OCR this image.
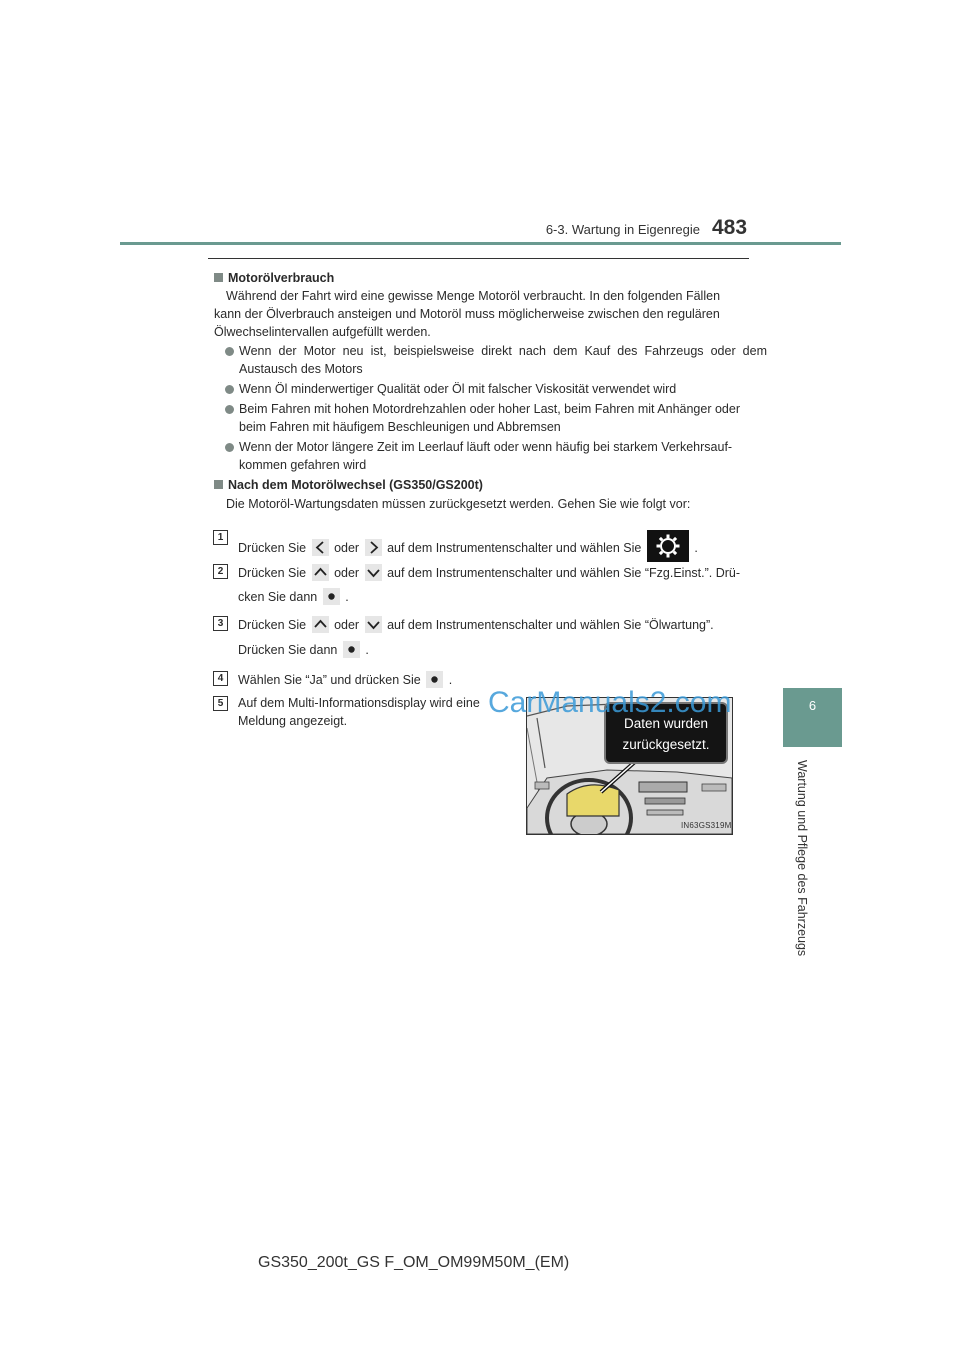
6-3. Wartung in Eigenregie 483
6
Wartung und Pflege des Fahrzeugs
Motorölverbrauch
Während der Fahrt wird eine gewisse Menge Motoröl verbraucht. In den folgenden Fällen
kann der Ölverbrauch ansteigen und Motoröl muss möglicherweise zwischen den regulären
Ölwechselintervallen aufgefüllt werden.
Wenn der Motor neu ist, beispielsweise direkt nach dem Kauf des Fahrzeugs oder dem
Austausch des Motors
Wenn Öl minderwertiger Qualität oder Öl mit falscher Viskosität verwendet wird
Beim Fahren mit hohen Motordrehzahlen oder hoher Last, beim Fahren mit Anhänger oder
beim Fahren mit häufigem Beschleunigen und Abbremsen
Wenn der Motor längere Zeit im Leerlauf läuft oder wenn häufig bei starkem Verkehrsauf-
kommen gefahren wird
Nach dem Motorölwechsel (GS350/GS200t)
Die Motoröl-Wartungsdaten müssen zurückgesetzt werden. Gehen Sie wie folgt vor:
1
Drücken Sie oder auf dem Instrumentenschalter und wählen Sie	.
2	Drücken Sie oder auf dem Instrumentenschalter und wählen Sie “Fzg.Einst.”. Drü-
cken Sie dann .
3	Drücken Sie oder auf dem Instrumentenschalter und wählen Sie “Ölwartung”.
Drücken Sie dann .
4	Wählen Sie “Ja” und drücken Sie .
5	Auf dem Multi-Informationsdisplay wird eine
Meldung angezeigt.	Daten wurden
zurückgesetzt.
IN63GS319M
CarManuals2.com
GS350_200t_GS F_OM_OM99M50M_(EM)
